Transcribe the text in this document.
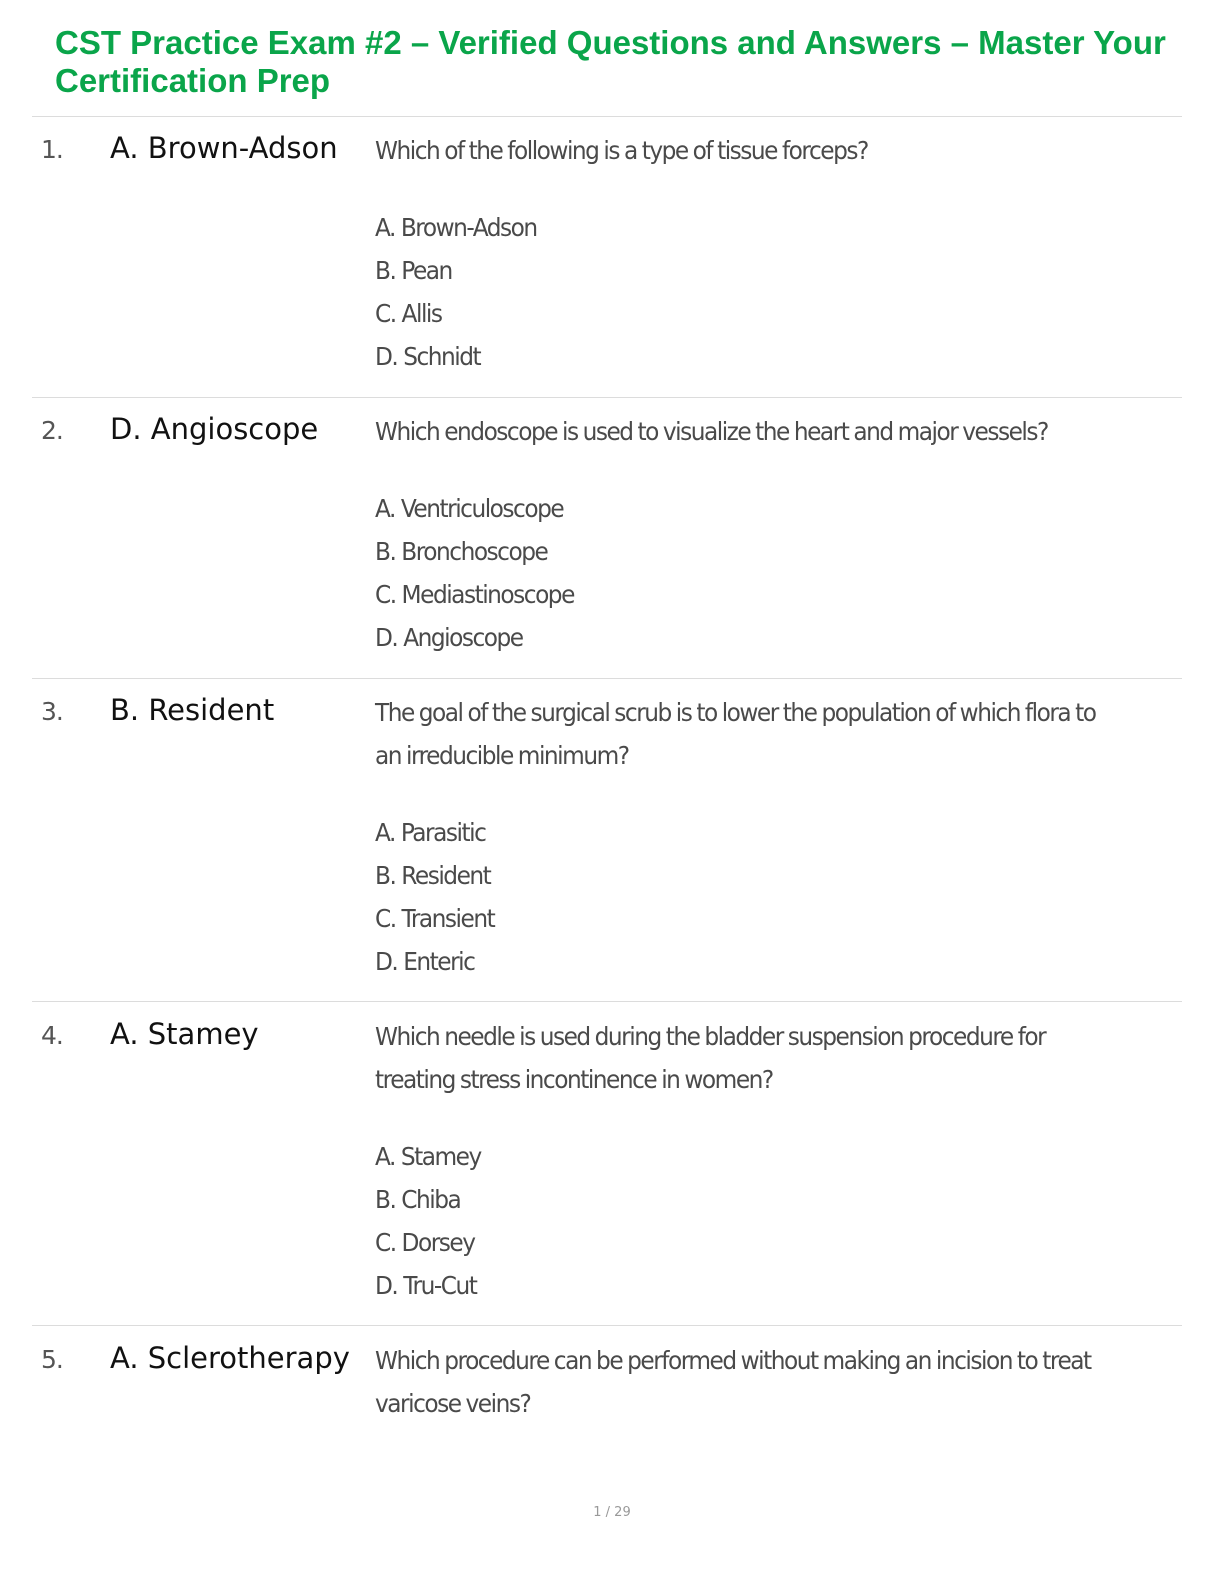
CST Practice Exam #2 – Verified Questions and Answers – Master Your Certification Prep
1. A. Brown-Adson Which of the following is a type of tissue forceps?
A. Brown-Adson
B. Pean
C. Allis
D. Schnidt
2. D. Angioscope Which endoscope is used to visualize the heart and major vessels?
A. Ventriculoscope
B. Bronchoscope
C. Mediastinoscope
D. Angioscope
3. B. Resident	The goal of the surgical scrub is to lower the population of which flora to an irreducible minimum?
A. Parasitic
B. Resident
C. Transient
D. Enteric
4. A. Stamey	Which needle is used during the bladder suspension procedure for treating stress incontinence in women?
A. Stamey
B. Chiba
C. Dorsey
D. Tru-Cut
5. A. Sclerotherapy Which procedure can be performed without making an incision to treat varicose veins?
1 / 29
